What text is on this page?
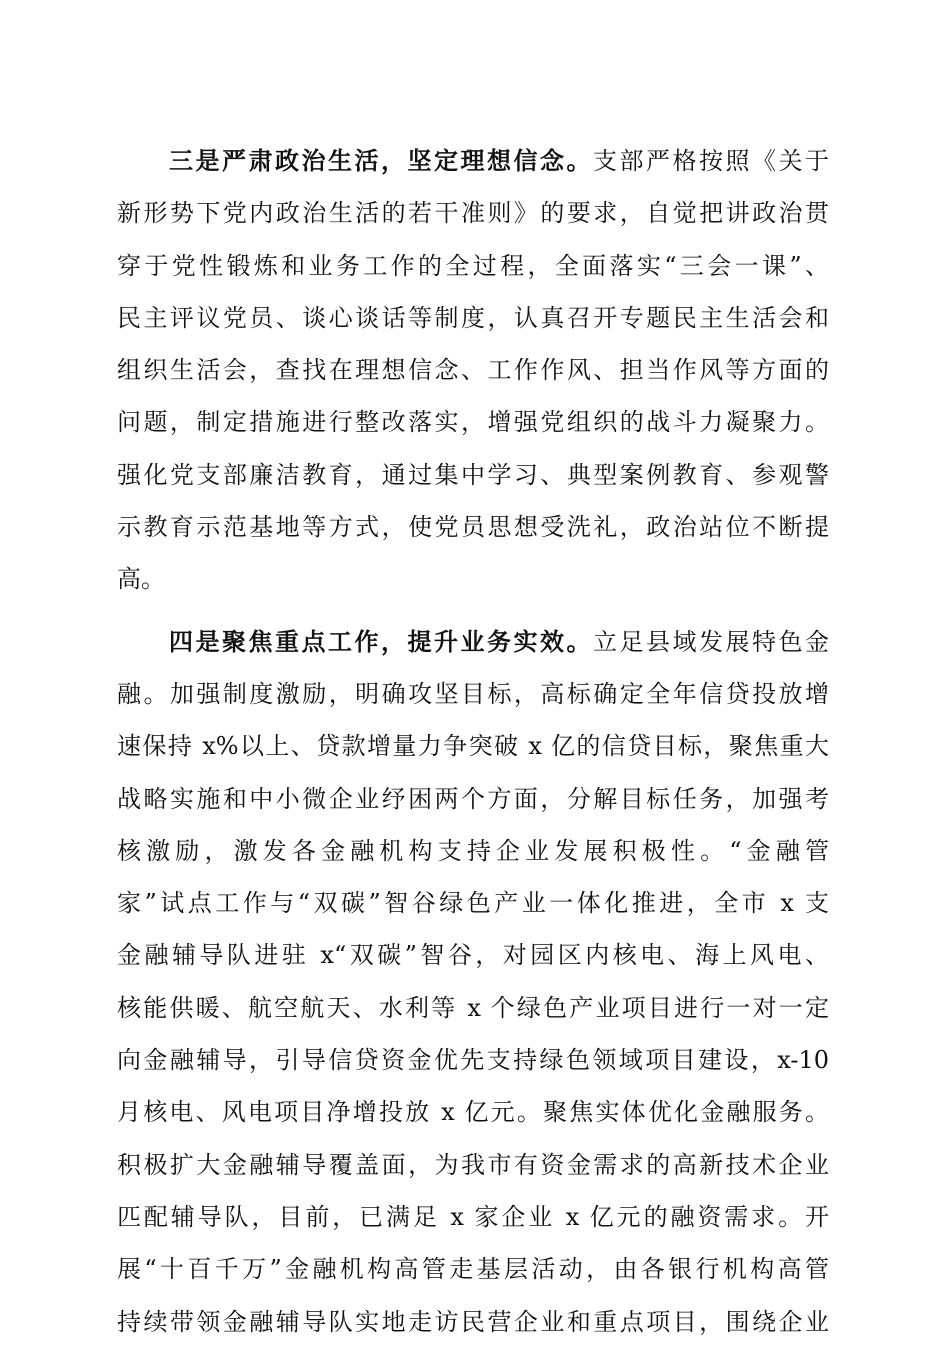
三是严肃政治生活，坚定理想信念。支部严格按照《关于
新形势下党内政治生活的若干准则》的要求，自觉把讲政治贯
穿于党性锻炼和业务工作的全过程，全面落实“三会一课”、
民主评议党员、谈心谈话等制度，认真召开专题民主生活会和
组织生活会，查找在理想信念、工作作风、担当作风等方面的
问题，制定措施进行整改落实，增强党组织的战斗力凝聚力。
强化党支部廉洁教育，通过集中学习、典型案例教育、参观警
示教育示范基地等方式，使党员思想受洗礼，政治站位不断提
高。
四是聚焦重点工作，提升业务实效。立足县域发展特色金
融。加强制度激励，明确攻坚目标，高标确定全年信贷投放增
速保持 x%以上、贷款增量力争突破 x 亿的信贷目标，聚焦重大
战略实施和中小微企业纾困两个方面，分解目标任务，加强考
核激励，激发各金融机构支持企业发展积极性。“金融管
家”试点工作与“双碳”智谷绿色产业一体化推进，全市 x 支
金融辅导队进驻 x“双碳”智谷，对园区内核电、海上风电、
核能供暖、航空航天、水利等 x 个绿色产业项目进行一对一定
向金融辅导，引导信贷资金优先支持绿色领域项目建设，x-10
月核电、风电项目净增投放 x 亿元。聚焦实体优化金融服务。
积极扩大金融辅导覆盖面，为我市有资金需求的高新技术企业
匹配辅导队，目前，已满足 x 家企业 x 亿元的融资需求。开
展“十百千万”金融机构高管走基层活动，由各银行机构高管
持续带领金融辅导队实地走访民营企业和重点项目，围绕企业
